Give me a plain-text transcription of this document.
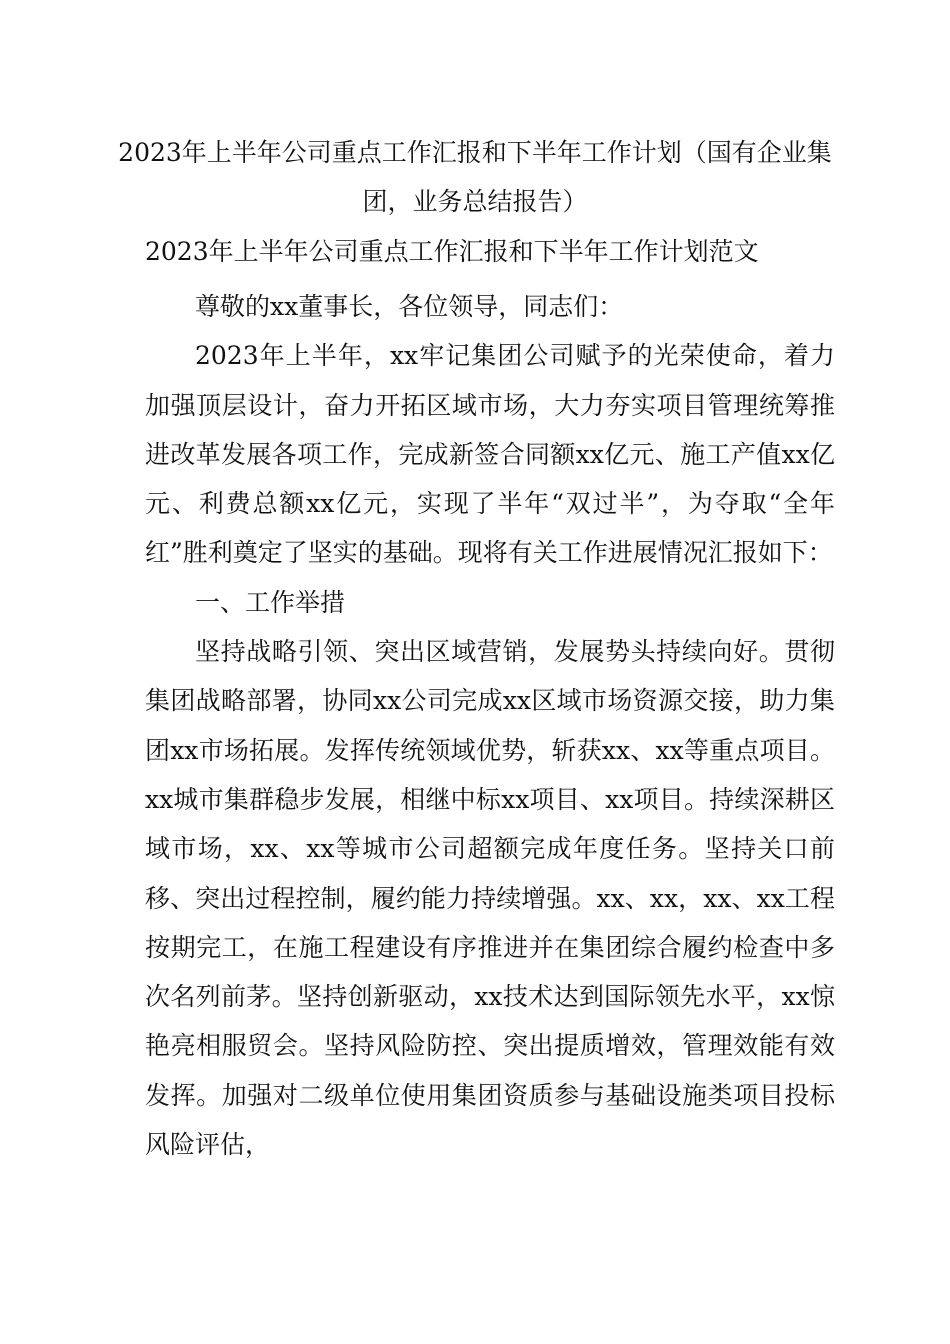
2023年上半年公司重点工作汇报和下半年工作计划（国有企业集团，业务总结报告）
2023年上半年公司重点工作汇报和下半年工作计划范文

尊敬的xx董事长，各位领导，同志们：

2023年上半年，xx牢记集团公司赋予的光荣使命，着力加强顶层设计，奋力开拓区域市场，大力夯实项目管理统筹推进改革发展各项工作，完成新签合同额xx亿元、施工产值xx亿元、利费总额xx亿元，实现了半年“双过半”，为夺取“全年红”胜利奠定了坚实的基础。现将有关工作进展情况汇报如下：

一、工作举措

坚持战略引领、突出区域营销，发展势头持续向好。贯彻集团战略部署，协同xx公司完成xx区域市场资源交接，助力集团xx市场拓展。发挥传统领域优势，斩获xx、xx等重点项目。xx城市集群稳步发展，相继中标xx项目、xx项目。持续深耕区域市场，xx、xx等城市公司超额完成年度任务。坚持关口前移、突出过程控制，履约能力持续增强。xx、xx，xx、xx工程按期完工，在施工程建设有序推进并在集团综合履约检查中多次名列前茅。坚持创新驱动，xx技术达到国际领先水平，xx惊艳亮相服贸会。坚持风险防控、突出提质增效，管理效能有效发挥。加强对二级单位使用集团资质参与基础设施类项目投标风险评估，
